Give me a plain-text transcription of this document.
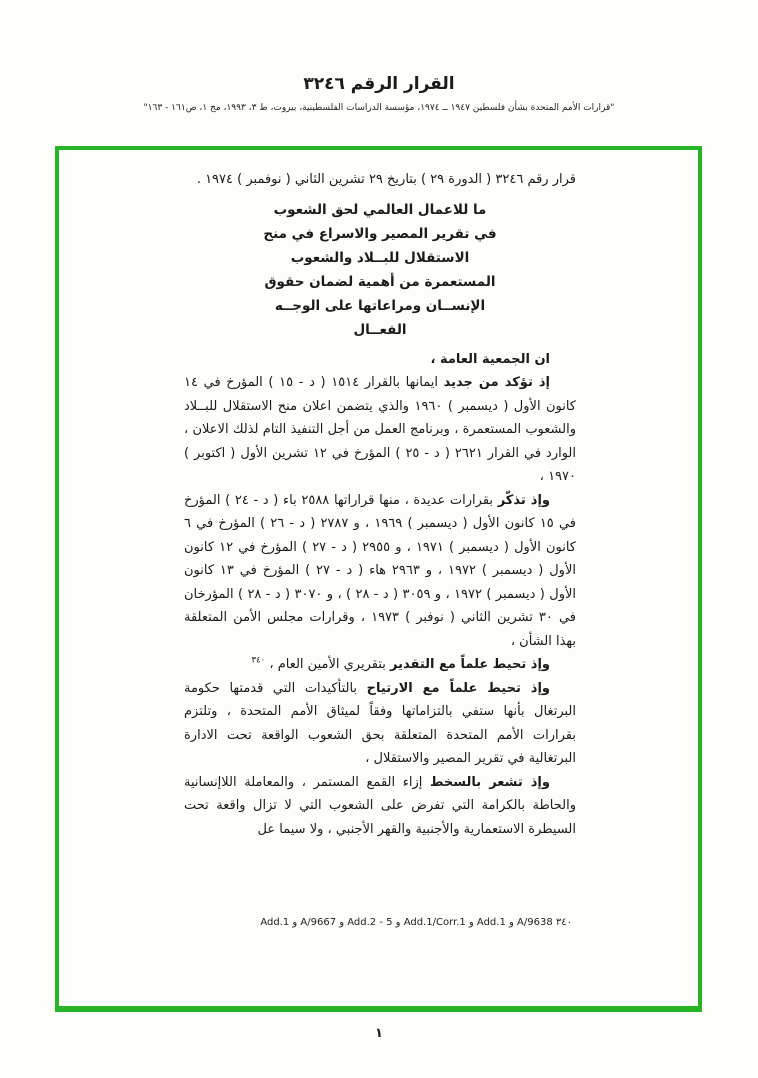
القرار الرقم ٣٢٤٦
"قرارات الأمم المتحدة بشأن فلسطين ١٩٤٧ ــ ١٩٧٤، مؤسسة الدراسات الفلسطينية، بيروت، ط ٣، ١٩٩٣، مج ١، ص١٦١ - ١٦٣"

قرار رقم ٣٢٤٦ ( الدورة ٢٩ ) بتاريخ ٢٩ تشرين الثاني ( نوفمبر ) ١٩٧٤ .

ما للاعمال العالمي لحق الشعوب
في تقرير المصير والاسراع في منح
الاستقلال للبــلاد والشعوب
المستعمرة من أهمية لضمان حقوق
الإنســان ومراعاتها على الوجــه
الفعــال

ان الجمعية العامة ،

إذ تؤكد من جديد ايمانها بالقرار ١٥١٤ ( د - ١٥ ) المؤرخ في ١٤ كانون الأول ( ديسمبر ) ١٩٦٠ والذي يتضمن اعلان منح الاستقلال للبــلاد والشعوب المستعمرة ، وبرنامج العمل من أجل التنفيذ التام لذلك الاعلان ، الوارد في القرار ٢٦٢١ ( د - ٢٥ ) المؤرخ في ١٢ تشرين الأول ( اكتوبر ) ١٩٧٠ ،

وإذ تذكّر بقرارات عديدة ، منها قراراتها ٢٥٨٨ باء ( د - ٢٤ ) المؤرخ في ١٥ كانون الأول ( ديسمبر ) ١٩٦٩ ، و ٢٧٨٧ ( د - ٢٦ ) المؤرخ في ٦ كانون الأول ( ديسمبر ) ١٩٧١ ، و ٢٩٥٥ ( د - ٢٧ ) المؤرخ في ١٢ كانون الأول ( ديسمبر ) ١٩٧٢ ، و ٢٩٦٣ هاء ( د - ٢٧ ) المؤرخ في ١٣ كانون الأول ( ديسمبر ) ١٩٧٢ ، و ٣٠٥٩ ( د - ٢٨ ) ، و ٣٠٧٠ ( د - ٢٨ ) المؤرخان في ٣٠ تشرين الثاني ( نوفبر ) ١٩٧٣ ، وقرارات مجلس الأمن المتعلقة بهذا الشأن ،

وإذ تحيط علماً مع التقدير بتقريري الأمين العام ، $^{٣٤٠}$

وإذ تحيط علماً مع الارتياح بالتأكيدات التي قدمتها حكومة البرتغال بأنها ستفي بالتزاماتها وفقاً لميثاق الأمم المتحدة ، وتلتزم بقرارات الأمم المتحدة المتعلقة بحق الشعوب الواقعة تحت الادارة البرتغالية في تقرير المصير والاستقلال ،

وإذ تشعر بالسخط إزاء القمع المستمر ، والمعاملة اللاإنسانية والحاطة بالكرامة التي تفرض على الشعوب التي لا تزال واقعة تحت السيطرة الاستعمارية والأجنبية والقهر الأجنبي ، ولا سيما عل

٣٤٠ A/9638 و Add.1 و Add.1/Corr.1 و Add.2 - 5 و A/9667 و Add.1
١
